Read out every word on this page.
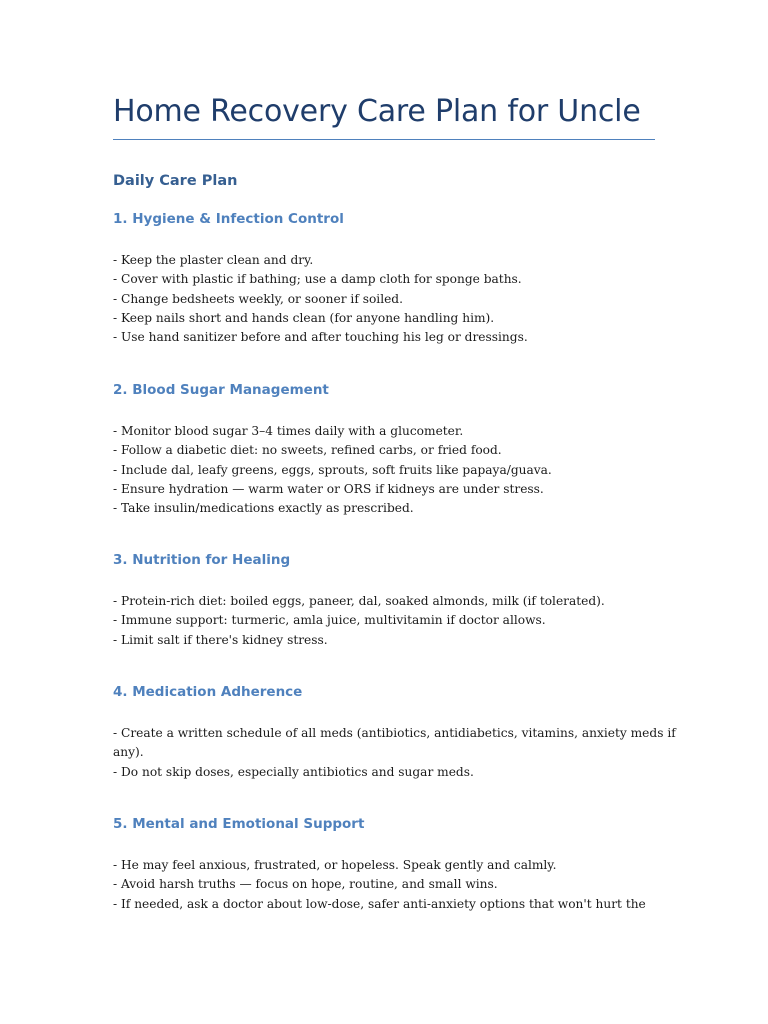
Home Recovery Care Plan for Uncle
Daily Care Plan
1. Hygiene & Infection Control
- Keep the plaster clean and dry.
- Cover with plastic if bathing; use a damp cloth for sponge baths.
- Change bedsheets weekly, or sooner if soiled.
- Keep nails short and hands clean (for anyone handling him).
- Use hand sanitizer before and after touching his leg or dressings.
2. Blood Sugar Management
- Monitor blood sugar 3–4 times daily with a glucometer.
- Follow a diabetic diet: no sweets, refined carbs, or fried food.
- Include dal, leafy greens, eggs, sprouts, soft fruits like papaya/guava.
- Ensure hydration — warm water or ORS if kidneys are under stress.
- Take insulin/medications exactly as prescribed.
3. Nutrition for Healing
- Protein-rich diet: boiled eggs, paneer, dal, soaked almonds, milk (if tolerated).
- Immune support: turmeric, amla juice, multivitamin if doctor allows.
- Limit salt if there's kidney stress.
4. Medication Adherence
- Create a written schedule of all meds (antibiotics, antidiabetics, vitamins, anxiety meds if
any).
- Do not skip doses, especially antibiotics and sugar meds.
5. Mental and Emotional Support
- He may feel anxious, frustrated, or hopeless. Speak gently and calmly.
- Avoid harsh truths — focus on hope, routine, and small wins.
- If needed, ask a doctor about low-dose, safer anti-anxiety options that won't hurt the
